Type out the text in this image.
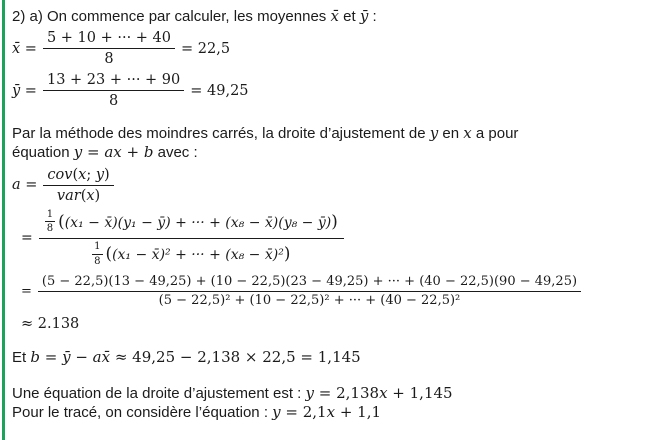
2) a) On commence par calculer, les moyennes x̄ et ȳ :

x̄ = $\frac{5 + 10 + \cdot\cdot\cdot + 40}{8} = 22,5$
ȳ = $\frac{13 + 23 + \cdot\cdot\cdot + 90}{8} = 49,25$

Par la méthode des moindres carrés, la droite d’ajustement de y en x a pour

équation y = ax + b avec :

$a = \frac{\text{cov(x; y)}}{\text{var(x)}}$
=
$\frac{1}{8} ((x_1$ − x̄)(y₁ − ȳ) + ··· + (x₈ − x̄)(y₈ − ȳ))
$\frac{1}{8} ((x_1$ − x̄)² + ··· + (x₈ − x̄)²)
=
(5 − 22,5)(13 − 49,25) + (10 − 22,5)(23 − 49,25) + ··· + (40 − 22,5)(90 − 49,25)
(5 − 22,5)² + (10 − 22,5)² + ··· + (40 − 22,5)²
≈ 2.138

Et b = ȳ − ax̄ ≈ 49,25 − 2,138 × 22,5 = 1,145

Une équation de la droite d’ajustement est : y = 2,138x + 1,145

Pour le tracé, on considère l’équation : y = 2,1x + 1,1
